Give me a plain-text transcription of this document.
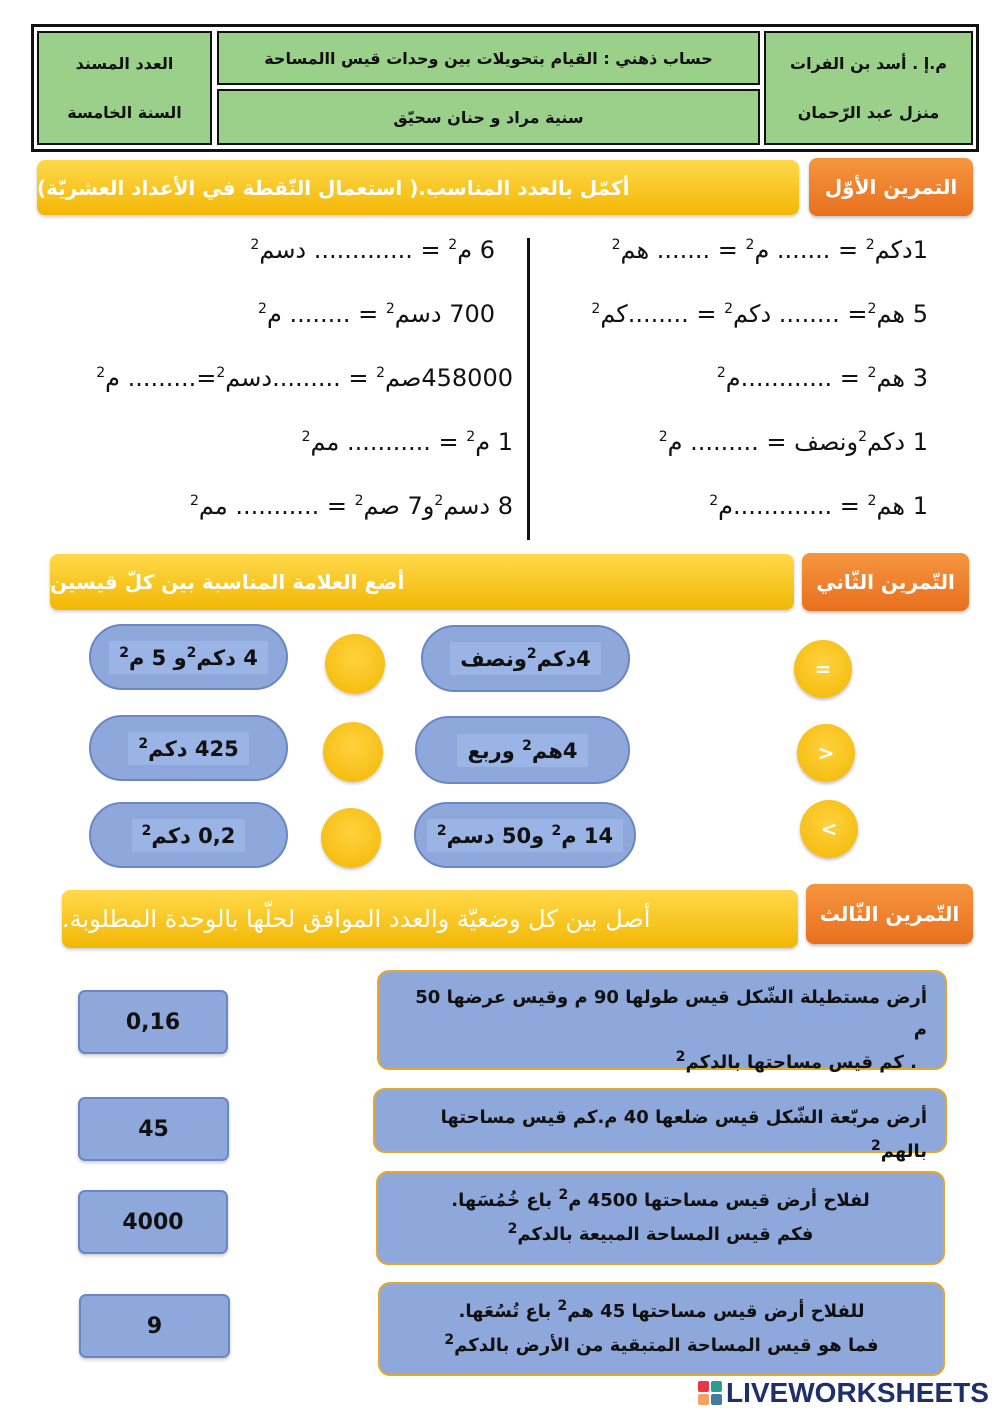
العدد المسند
السنة الخامسة
حساب ذهني : القيام بتحويلات بين وحدات قيس االمساحة
سنية مراد و حنان سحيّق
م.إ . أسد بن الفرات
منزل عبد الرّحمان
أكمّل بالعدد المناسب.( استعمال النّقطة في الأعداد العشريّة)	التمرين الأوّل
1دكم$^2$ = ....... م$^2$ = ....... هم$^2$
5 هم$^2$= ........ دكم$^2$ = ........كم$^2$
3 هم$^2$ = ............م$^2$
1 دكم$^2$ونصف = ......... م$^2$
1 هم$^2$ = .............م$^2$
6 م$^2$ = ............. دسم$^2$
700 دسم$^2$ = ........ م$^2$
458000صم$^2$ = .........دسم$^2$=......... م$^2$
1 م$^2$ = ........... مم$^2$
8 دسم$^2$و7 صم$^2$ = ........... مم$^2$
أضع العلامة المناسبة بين كلّ قيسين	التّمرين الثّاني
=
4دكم$^2$ونصف
4 دكم$^2$و 5 م$^2$
>
4هم$^2$ وربع
425 دكم$^2$
<
14 م$^2$ و50 دسم$^2$
0,2 دكم$^2$
أصل بين كل وضعيّة والعدد الموافق لحلّها بالوحدة المطلوبة.	التّمرين الثّالث
أرض مستطيلة الشّكل قيس طولها 90 م وقيس عرضها 50 م
. كم قيس مساحتها بالدكم$^2$
أرض مربّعة الشّكل قيس ضلعها 40 م.كم قيس مساحتها بالهم$^2$
لفلاح أرض قيس مساحتها 4500 م$^2$ باع خُمُسَها.
فكم قيس المساحة المبيعة بالدكم$^2$
للفلاح أرض قيس مساحتها 45 هم$^2$ باع تُسُعَها.
فما هو قيس المساحة المتبقية من الأرض بالدكم$^2$
0,16
45
4000
9
LIVEWORKSHEETS
